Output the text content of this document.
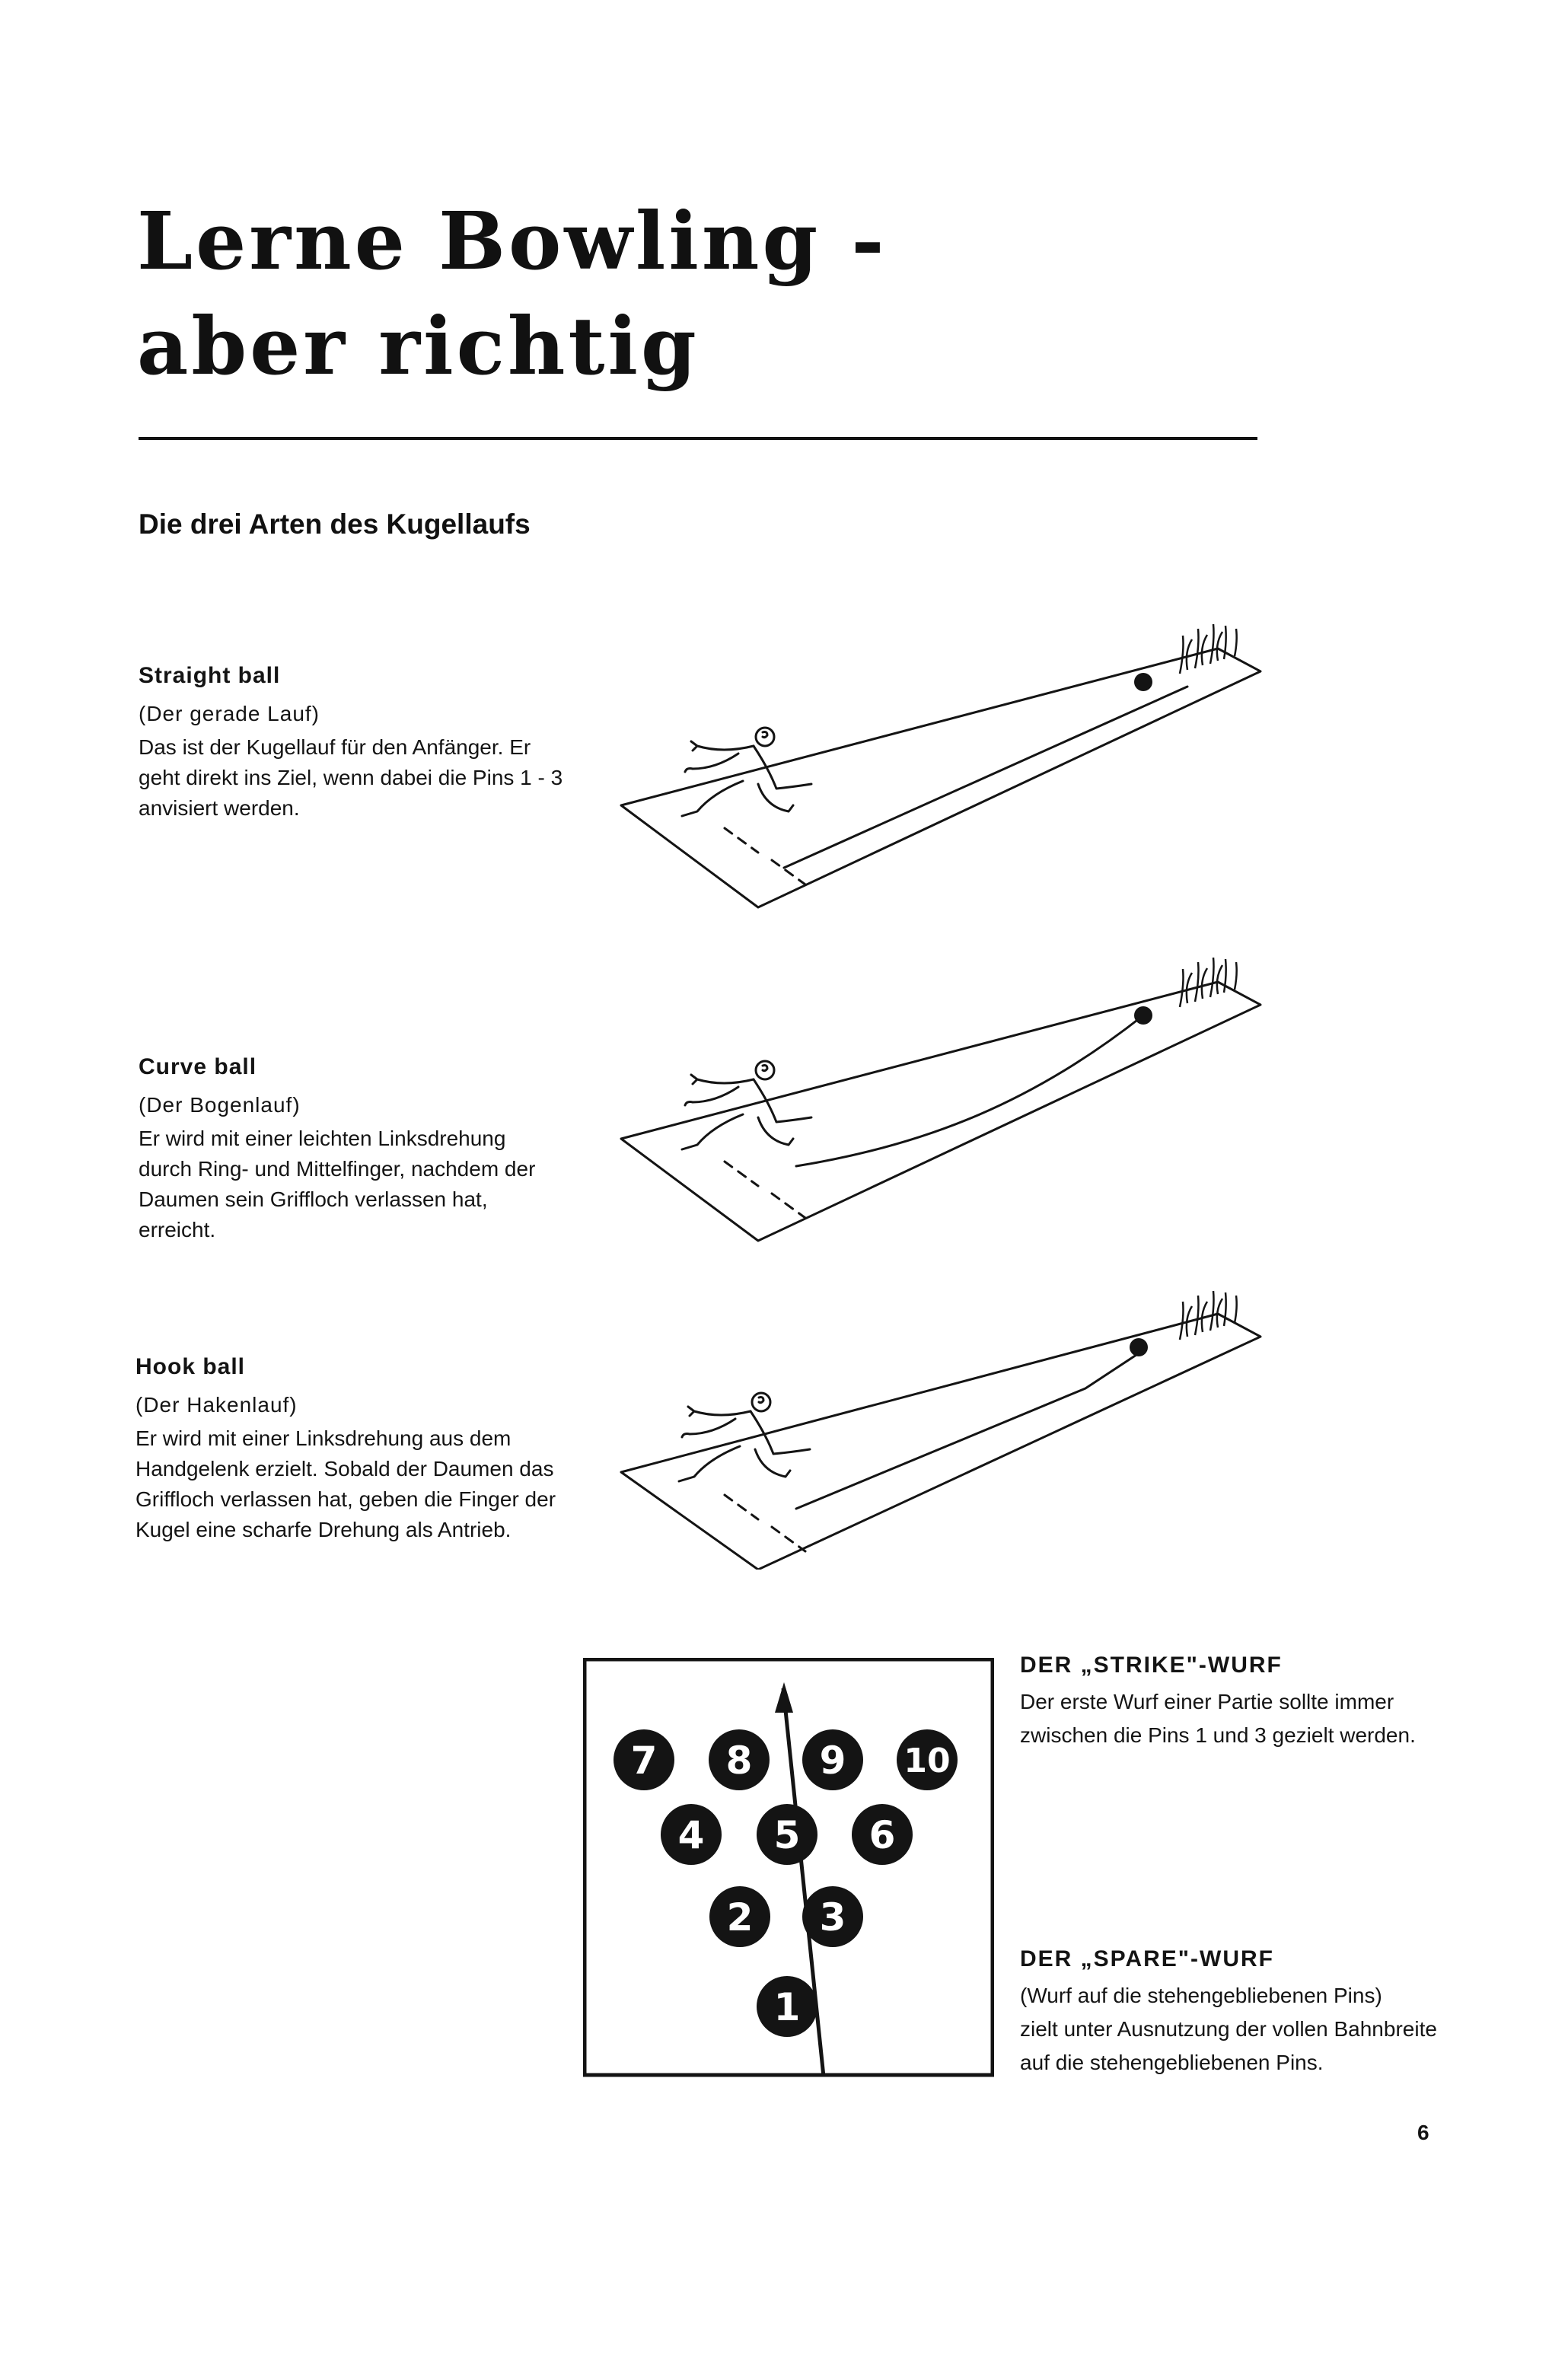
Lerne Bowling -
aber richtig
Die drei Arten des Kugellaufs
Straight ball
(Der gerade Lauf)
Das ist der Kugellauf für den Anfänger. Er geht direkt ins Ziel, wenn dabei die Pins 1 - 3 anvisiert werden.
Curve ball
(Der Bogenlauf)
Er wird mit einer leichten Linksdrehung durch Ring- und Mittelfinger, nachdem der Daumen sein Griffloch verlassen hat, erreicht.
Hook ball
(Der Hakenlauf)
Er wird mit einer Linksdrehung aus dem Handgelenk erzielt. Sobald der Daumen das Griffloch verlassen hat, geben die Finger der Kugel eine scharfe Drehung als Antrieb.
7 8 9 10
4 5 6
2 3
1
DER „STRIKE"-WURF
Der erste Wurf einer Partie sollte immer zwischen die Pins 1 und 3 gezielt werden.
DER „SPARE"-WURF
(Wurf auf die stehengebliebenen Pins)
zielt unter Ausnutzung der vollen Bahnbreite auf die stehengebliebenen Pins.
6
